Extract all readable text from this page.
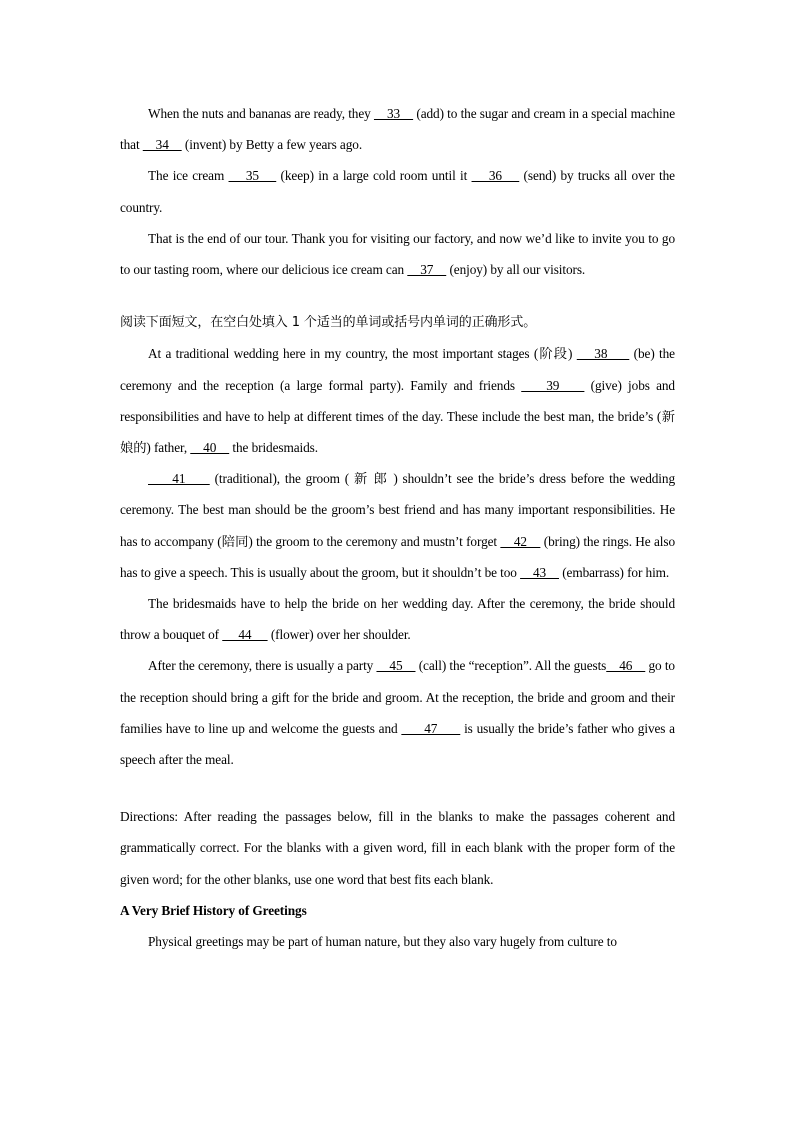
When the nuts and bananas are ready, they     33     (add) to the sugar and cream in a special machine that     34     (invent) by Betty a few years ago.

The ice cream     35     (keep) in a large cold room until it     36     (send) by trucks all over the country.

That is the end of our tour. Thank you for visiting our factory, and now we’d like to invite you to go to our tasting room, where our delicious ice cream can     37     (enjoy) by all our visitors.

阅读下面短文，在空白处填入 1 个适当的单词或括号内单词的正确形式。

At a traditional wedding here in my country, the most important stages (阶段)     38      (be) the ceremony and the reception (a large formal party). Family and friends     39     (give) jobs and responsibilities and have to help at different times of the day. These include the best man, the bride’s (新娘的) father,     40     the bridesmaids.

41      (traditional), the groom ( 新 郎 ) shouldn’t see the bride’s dress before the wedding ceremony. The best man should be the groom’s best friend and has many important responsibilities. He has to accompany (陪同) the groom to the ceremony and mustn’t forget     42     (bring) the rings. He also has to give a speech. This is usually about the groom, but it shouldn’t be too     43     (embarrass) for him.

The bridesmaids have to help the bride on her wedding day. After the ceremony, the bride should throw a bouquet of      44      (flower) over her shoulder.

After the ceremony, there is usually a party     45     (call) the “reception”. All the guests    46     go to the reception should bring a gift for the bride and groom. At the reception, the bride and groom and their families have to line up and welcome the guests and       47       is usually the bride’s father who gives a speech after the meal.

Directions: After reading the passages below, fill in the blanks to make the passages coherent and grammatically correct. For the blanks with a given word, fill in each blank with the proper form of the given word; for the other blanks, use one word that best fits each blank.

A Very Brief History of Greetings

Physical greetings may be part of human nature, but they also vary hugely from culture to
